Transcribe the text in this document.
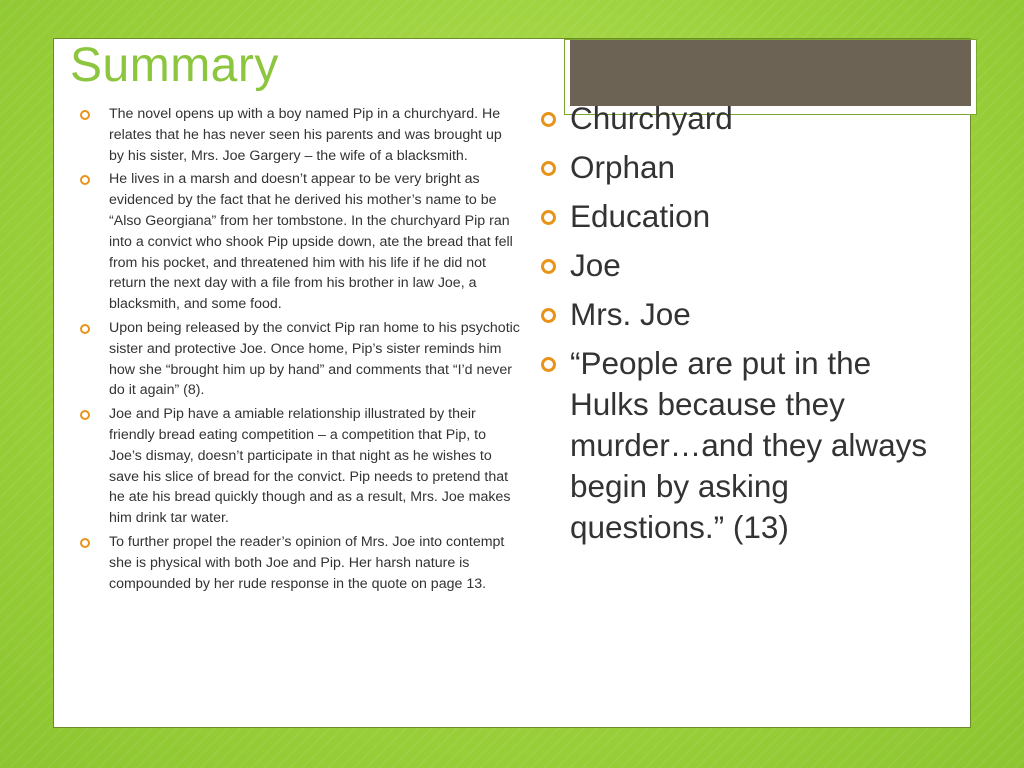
Summary
The novel opens up with a boy named Pip in a churchyard. He relates that he has never seen his parents and was brought up by his sister, Mrs. Joe Gargery – the wife of a blacksmith.
He lives in a marsh and doesn’t appear to be very bright as evidenced by the fact that he derived his mother’s name to be “Also Georgiana” from her tombstone. In the churchyard Pip ran into a convict who shook Pip upside down, ate the bread that fell from his pocket, and threatened him with his life if he did not return the next day with a file from his brother in law Joe, a blacksmith, and some food.
Upon being released by the convict Pip ran home to his psychotic sister and protective Joe. Once home, Pip’s sister reminds him how she “brought him up by hand” and comments that “I’d never do it again” (8).
Joe and Pip have a amiable relationship illustrated by their friendly bread eating competition – a competition that Pip, to Joe’s dismay, doesn’t participate in that night as he wishes to save his slice of bread for the convict. Pip needs to pretend that he ate his bread quickly though and as a result, Mrs. Joe makes him drink tar water.
To further propel the reader’s opinion of Mrs. Joe into contempt she is physical with both Joe and Pip. Her harsh nature is compounded by her rude response in the quote on page 13.
Churchyard
Orphan
Education
Joe
Mrs. Joe
“People are put in the Hulks because they murder…and they always begin by asking questions.” (13)
